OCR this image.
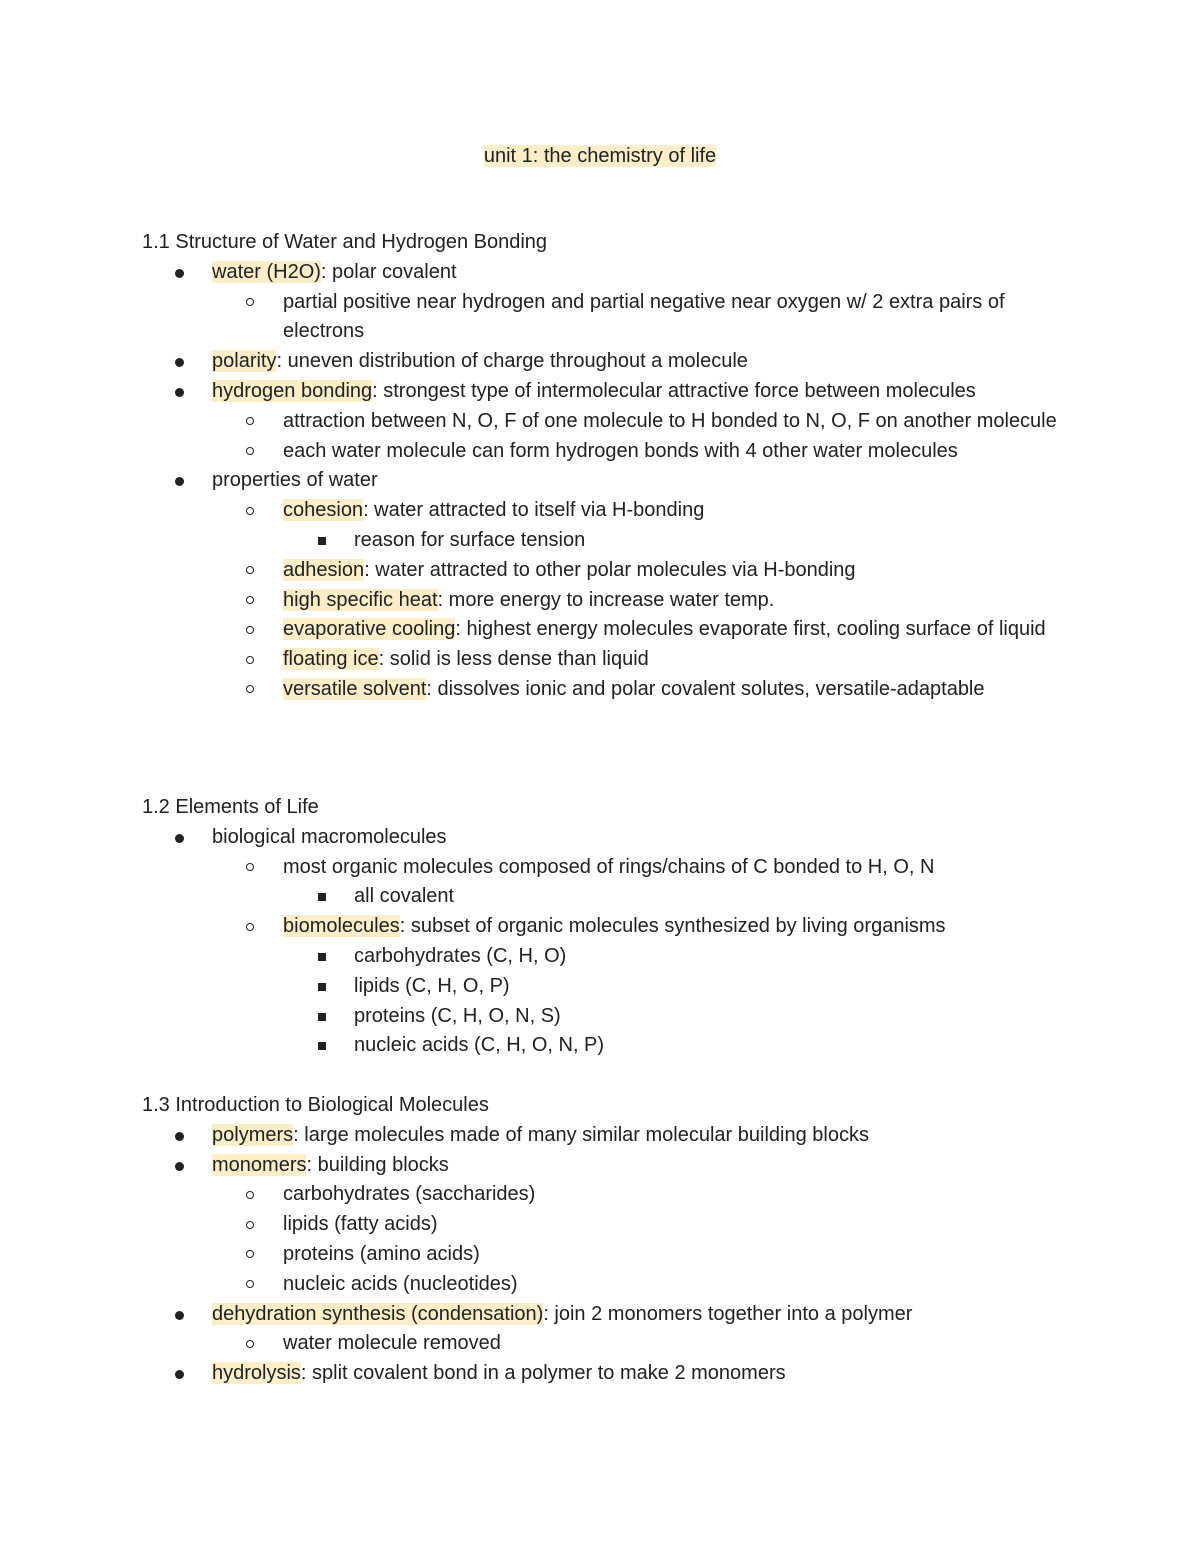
unit 1: the chemistry of life

1.1 Structure of Water and Hydrogen Bonding

water (H2O): polar covalent
partial positive near hydrogen and partial negative near oxygen w/ 2 extra pairs of electrons
polarity: uneven distribution of charge throughout a molecule
hydrogen bonding: strongest type of intermolecular attractive force between molecules
attraction between N, O, F of one molecule to H bonded to N, O, F on another molecule
each water molecule can form hydrogen bonds with 4 other water molecules
properties of water
cohesion: water attracted to itself via H-bonding
reason for surface tension
adhesion: water attracted to other polar molecules via H-bonding
high specific heat: more energy to increase water temp.
evaporative cooling: highest energy molecules evaporate first, cooling surface of liquid
floating ice: solid is less dense than liquid
versatile solvent: dissolves ionic and polar covalent solutes, versatile-adaptable

1.2 Elements of Life

biological macromolecules
most organic molecules composed of rings/chains of C bonded to H, O, N
all covalent
biomolecules: subset of organic molecules synthesized by living organisms
carbohydrates (C, H, O)
lipids (C, H, O, P)
proteins (C, H, O, N, S)
nucleic acids (C, H, O, N, P)

1.3 Introduction to Biological Molecules

polymers: large molecules made of many similar molecular building blocks
monomers: building blocks
carbohydrates (saccharides)
lipids (fatty acids)
proteins (amino acids)
nucleic acids (nucleotides)
dehydration synthesis (condensation): join 2 monomers together into a polymer
water molecule removed
hydrolysis: split covalent bond in a polymer to make 2 monomers
